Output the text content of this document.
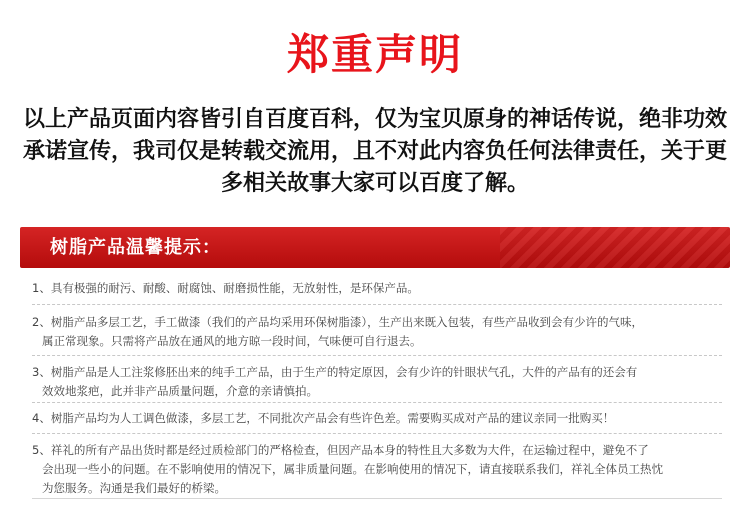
郑重声明
以上产品页面内容皆引自百度百科，仅为宝贝原身的神话传说，绝非功效
承诺宣传，我司仅是转载交流用，且不对此内容负任何法律责任，关于更
多相关故事大家可以百度了解。
树脂产品温馨提示：
1、具有极强的耐污、耐酸、耐腐蚀、耐磨损性能，无放射性，是环保产品。
2、树脂产品多层工艺，手工做漆（我们的产品均采用环保树脂漆），生产出来既入包装，有些产品收到会有少许的气味，
属正常现象。只需将产品放在通风的地方晾一段时间，气味便可自行退去。
3、树脂产品是人工注浆修胚出来的纯手工产品，由于生产的特定原因，会有少许的针眼状气孔，大件的产品有的还会有
效效地浆疤，此并非产品质量问题，介意的亲请慎拍。
4、树脂产品均为人工调色做漆，多层工艺，不同批次产品会有些许色差。需要购买成对产品的建议亲同一批购买！
5、祥礼的所有产品出货时都是经过质检部门的严格检查，但因产品本身的特性且大多数为大件，在运输过程中，避免不了
会出现一些小的问题。在不影响使用的情况下，属非质量问题。在影响使用的情况下，请直接联系我们，祥礼全体员工热忱
为您服务。沟通是我们最好的桥梁。
